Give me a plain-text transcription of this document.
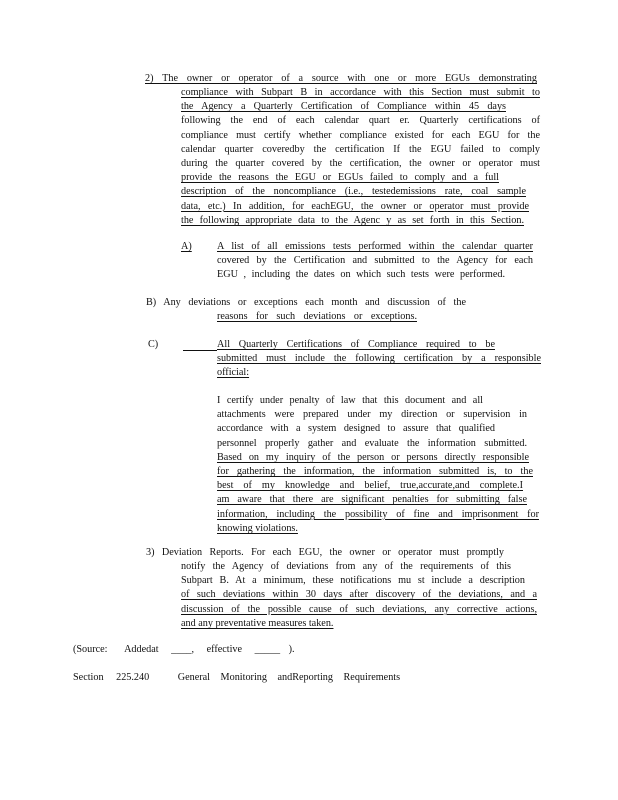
2) The owner or operator of a source with one or more EGUs demonstrating
compliance with Subpart B in accordance with this Section must submit to
the Agency a Quarterly Certification of Compliance within 45 days
following the end of each calendar quart er. Quarterly certifications of
compliance must certify whether compliance existed for each EGU for the
calendar quarter coveredby the certification If the EGU failed to comply
during the quarter covered by the certification, the owner or operator must
provide the reasons the EGU or EGUs failed to comply and a full
description of the noncompliance (i.e., testedemissions rate, coal sample
data, etc.) In addition, for eachEGU, the owner or operator must provide
the following appropriate data to the Agenc y as set forth in this Section.
A) A list of all emissions tests performed within the calendar quarter
covered by the Certification and submitted to the Agency for each
EGU , including the dates on which such tests were performed.
B) Any deviations or exceptions each month and discussion of the
reasons for such deviations or exceptions.
C)	All Quarterly Certifications of Compliance required to be
submitted must include the following certification by a responsible
official:
I certify under penalty of law that this document and all
attachments were prepared under my direction or supervision in
accordance with a system designed to assure that qualified
personnel properly gather and evaluate the information submitted.
Based on my inquiry of the person or persons directly responsible
for gathering the information, the information submitted is, to the
best of my knowledge and belief, true,accurate,and complete.I
am aware that there are significant penalties for submitting false
information, including the possibility of fine and imprisonment for
knowing violations.
3) Deviation Reports. For each EGU, the owner or operator must promptly
notify the Agency of deviations from any of the requirements of this
Subpart B. At a minimum, these notifications mu st include a description
of such deviations within 30 days after discovery of the deviations, and a
discussion of the possible cause of such deviations, any corrective actions,
and any preventative measures taken.
(Source: Addedat ____, effective _____ ).
Section 225.240	General Monitoring andReporting Requirements
